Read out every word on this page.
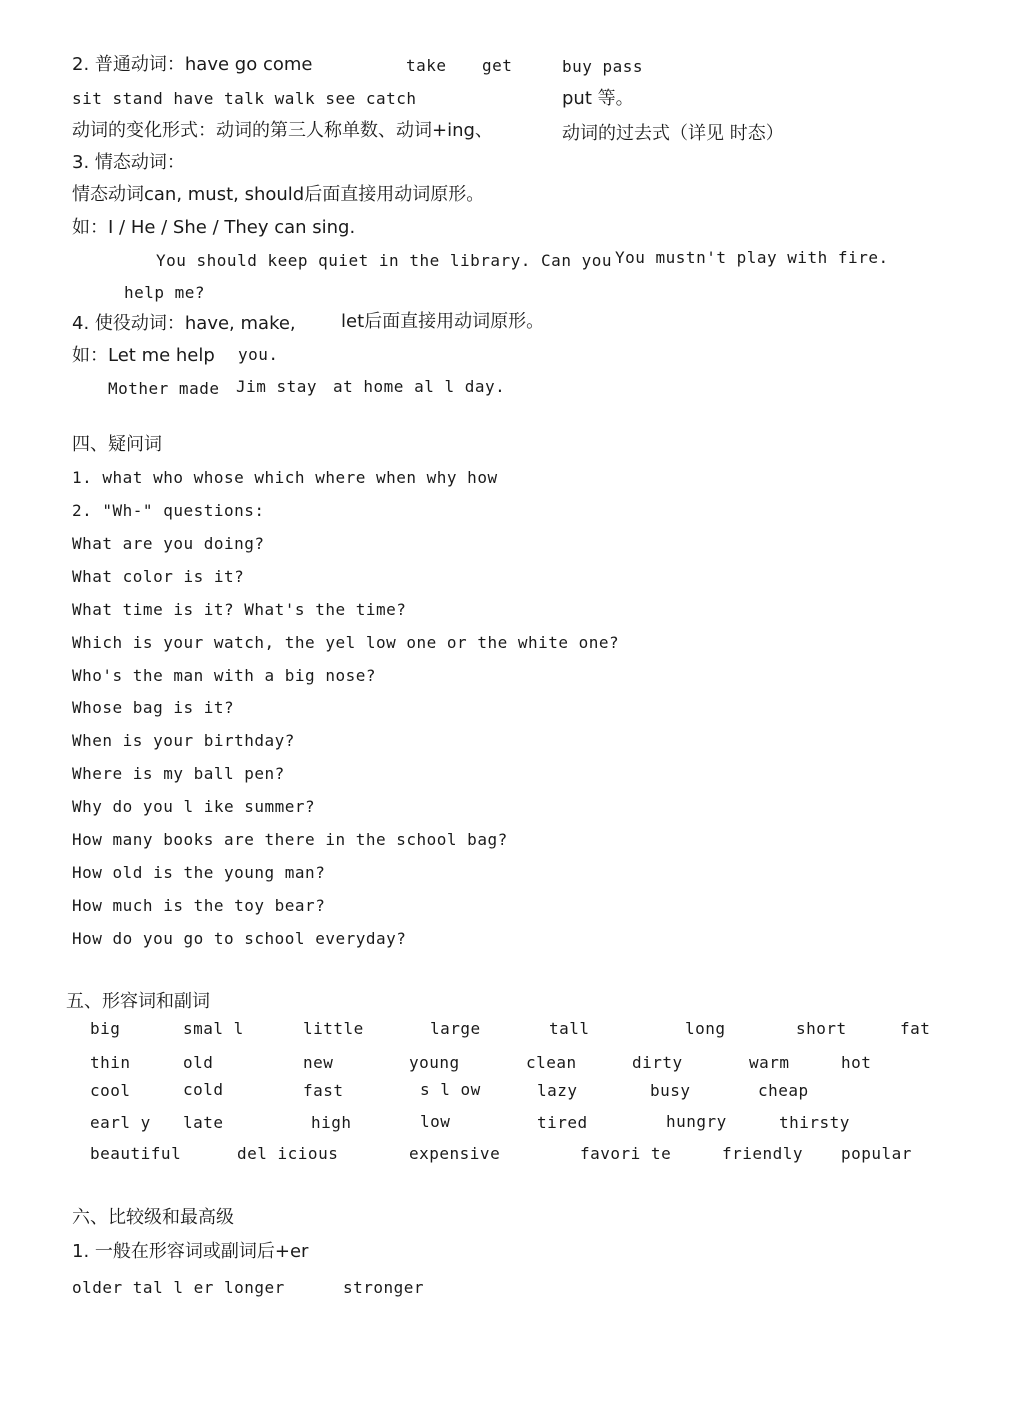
2. 普通动词：have go come	take get	buy pass
sit stand have talk walk see catch	put 等。
动词的变化形式：动词的第三人称单数、动词+ing、	动词的过去式（详见 时态）
3. 情态动词：
情态动词can, must, should后面直接用动词原形。
如：I / He / She / They can sing.
You should keep quiet in the library. Can you You mustn't play with fire.
help me?
4. 使役动词：have, make,	let后面直接用动词原形。
如：Let me help you.
Mother made Jim stay at home al l day.
四、疑问词
1. what who whose which where when why how
2. "Wh-" questions:
What are you doing?
What color is it?
What time is it? What's the time?
Which is your watch, the yel low one or the white one?
Who's the man with a big nose?
Whose bag is it?
When is your birthday?
Where is my ball pen?
Why do you l ike summer?
How many books are there in the school bag?
How old is the young man?
How much is the toy bear?
How do you go to school everyday?
五、形容词和副词
big	smal l	little	large	tall	long	short	fat
thin	old	new	young	clean	dirty	warm	hot
cool	cold	fast	s l ow	lazy	busy	cheap
earl y late	high	low	tired	hungry	thirsty
beautiful	del icious	expensive	favori te	friendly popular
六、比较级和最高级
1. 一般在形容词或副词后+er
older tal l er longer	stronger
